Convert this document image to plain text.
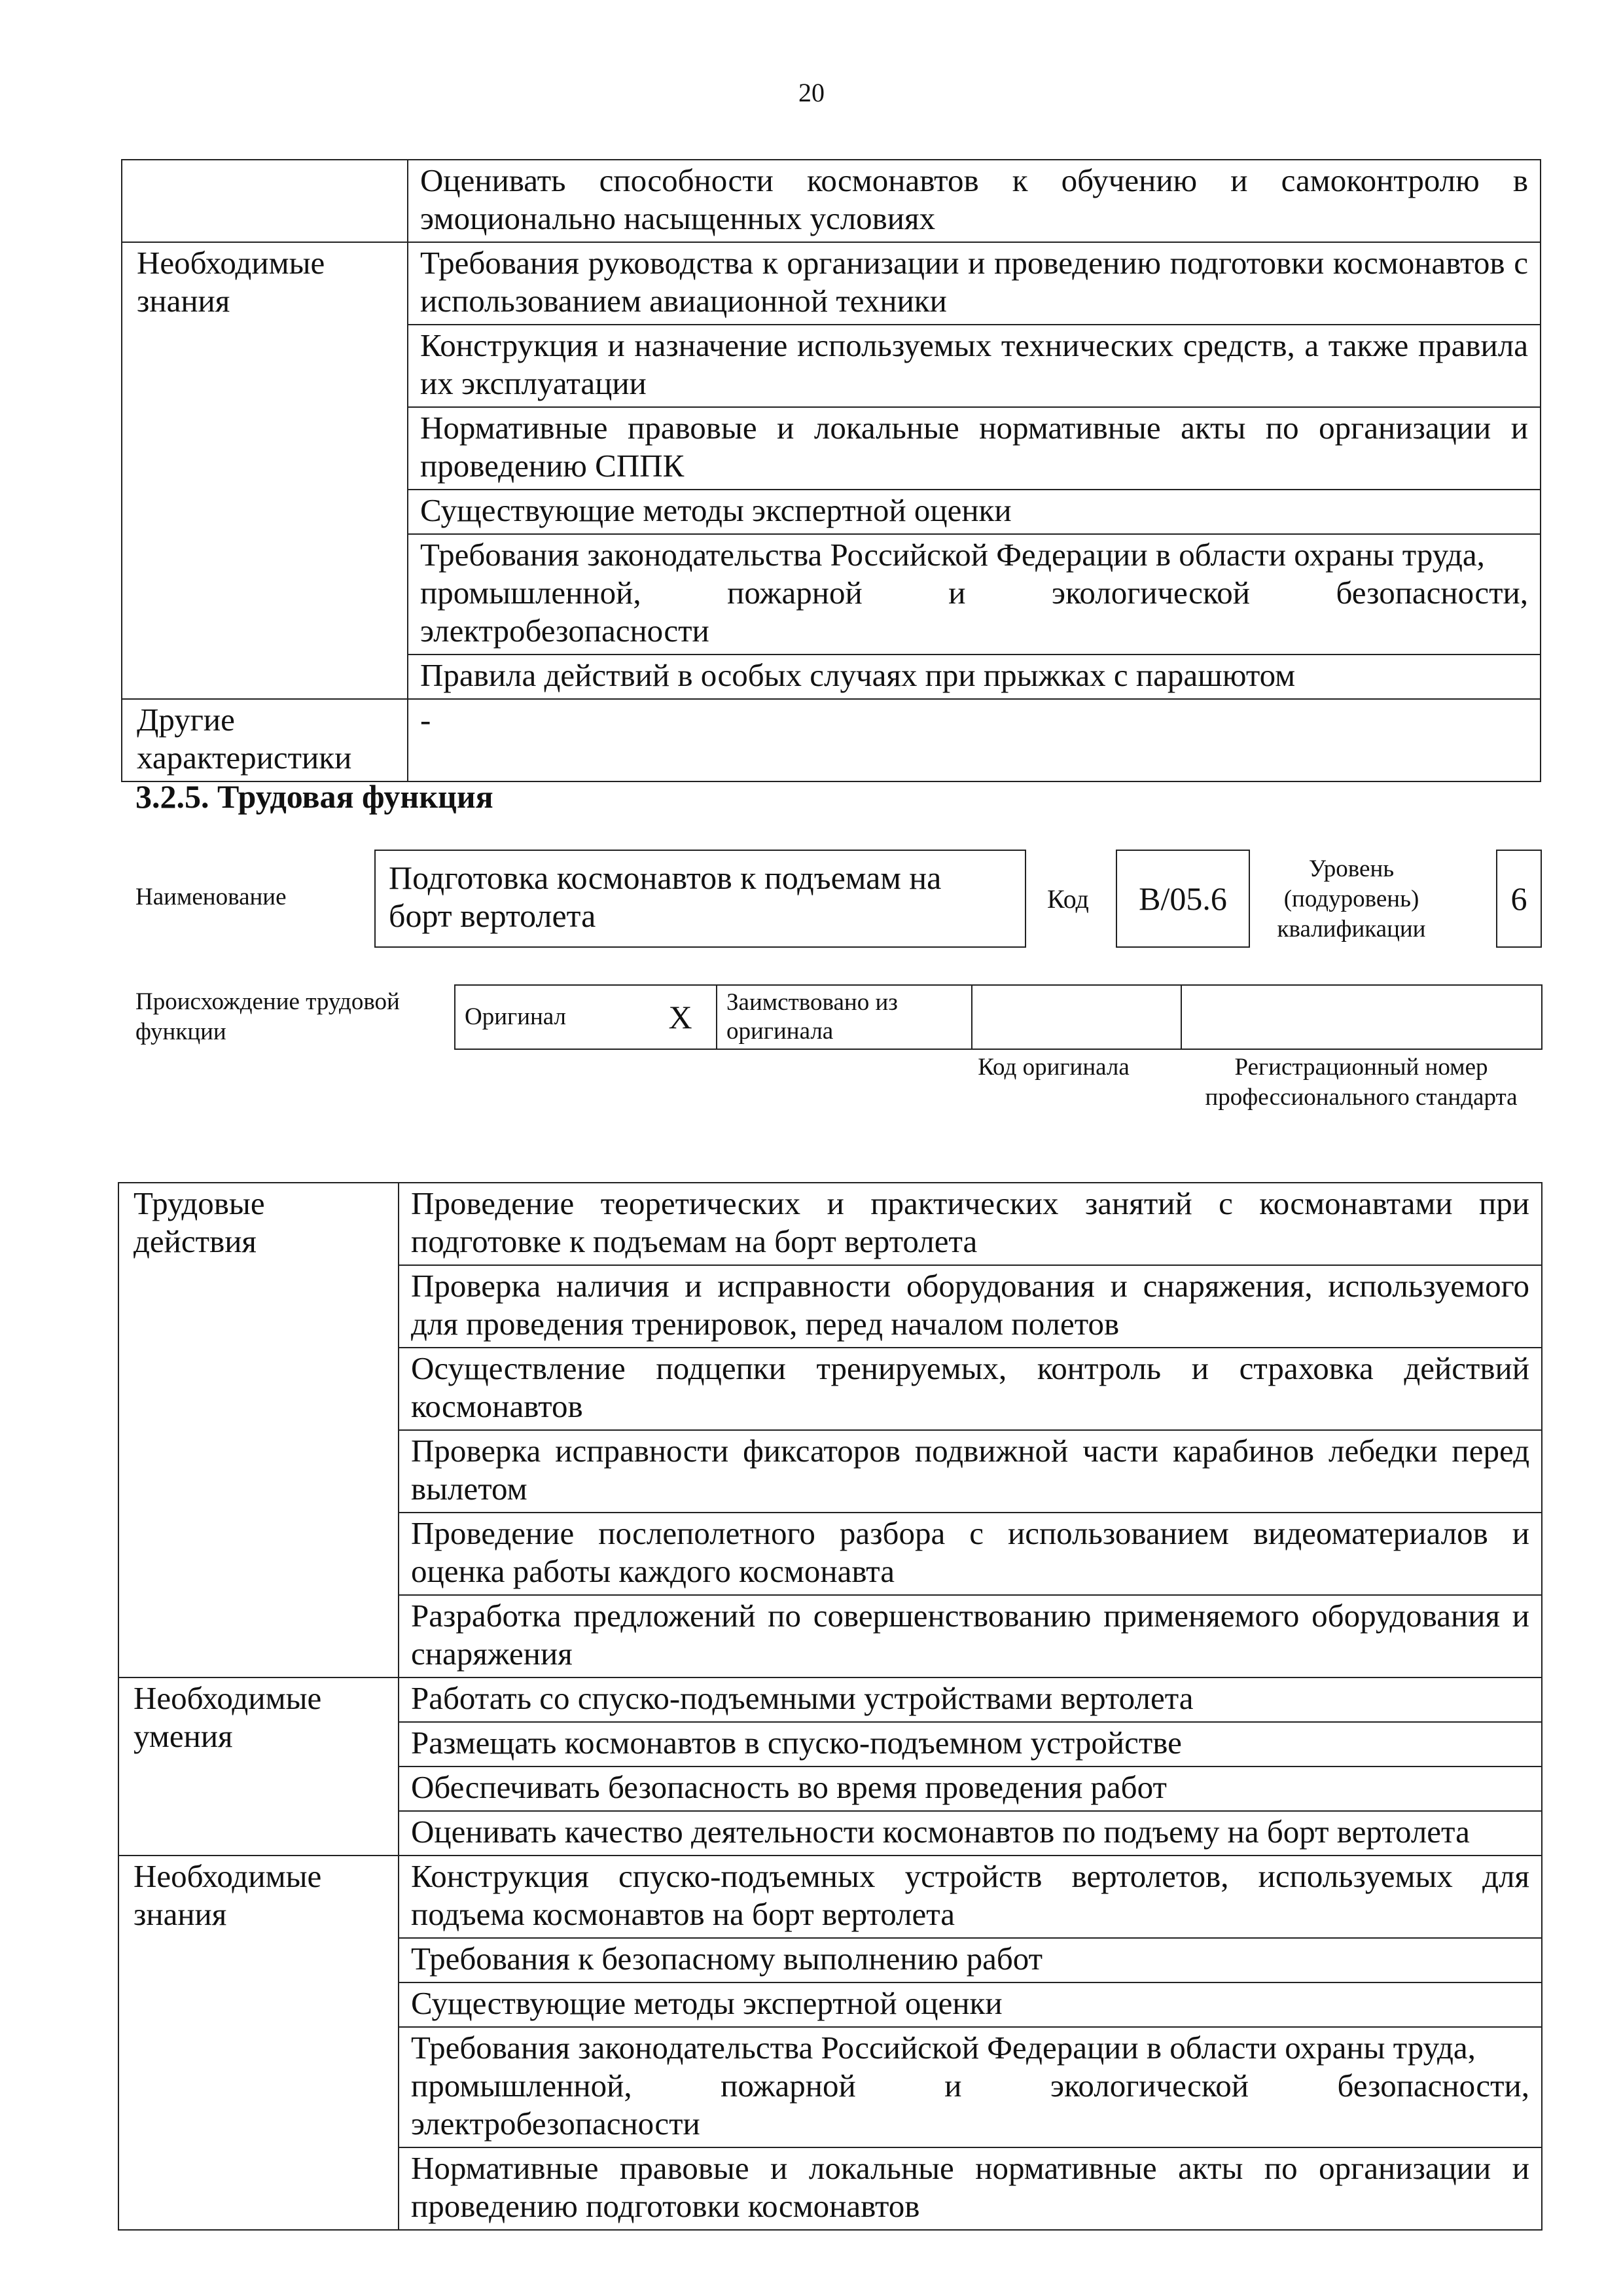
20
	Оценивать способности космонавтов к обучению и самоконтролю в эмоционально насыщенных условиях
Необходимые знания	Требования руководства к организации и проведению подготовки космонавтов с использованием авиационной техники
	Конструкция и назначение используемых технических средств, а также правила их эксплуатации
	Нормативные правовые и локальные нормативные акты по организации и проведению СППК
	Существующие методы экспертной оценки

	Требования законодательства Российской Федерации в области охраны труда,
промышленной, пожарной и экологической безопасности,
электробезопасности

	Правила действий в особых случаях при прыжках с парашютом
Другие характеристики	-
3.2.5. Трудовая функция
Наименование
Подготовка космонавтов к подъемам на борт вертолета	Код	B/05.6
Уровень (подуровень) квалификации
6
Происхождение трудовой функции
Оригинал	X	Заимствовано из оригинала		
Код оригинала	Регистрационный номер профессионального стандарта
Трудовые действия	Проведение теоретических и практических занятий с космонавтами при подготовке к подъемам на борт вертолета
	Проверка наличия и исправности оборудования и снаряжения, используемого для проведения тренировок, перед началом полетов
	Осуществление подцепки тренируемых, контроль и страховка действий космонавтов
	Проверка исправности фиксаторов подвижной части карабинов лебедки перед вылетом
	Проведение послеполетного разбора с использованием видеоматериалов и оценка работы каждого космонавта
	Разработка предложений по совершенствованию применяемого оборудования и снаряжения
Необходимые умения	Работать со спуско-подъемными устройствами вертолета
	Размещать космонавтов в спуско-подъемном устройстве
	Обеспечивать безопасность во время проведения работ
	Оценивать качество деятельности космонавтов по подъему на борт вертолета
Необходимые знания	Конструкция спуско-подъемных устройств вертолетов, используемых для подъема космонавтов на борт вертолета
	Требования к безопасному выполнению работ
	Существующие методы экспертной оценки

	Требования законодательства Российской Федерации в области охраны труда,
промышленной, пожарной и экологической безопасности,
электробезопасности

	Нормативные правовые и локальные нормативные акты по организации и проведению подготовки космонавтов
